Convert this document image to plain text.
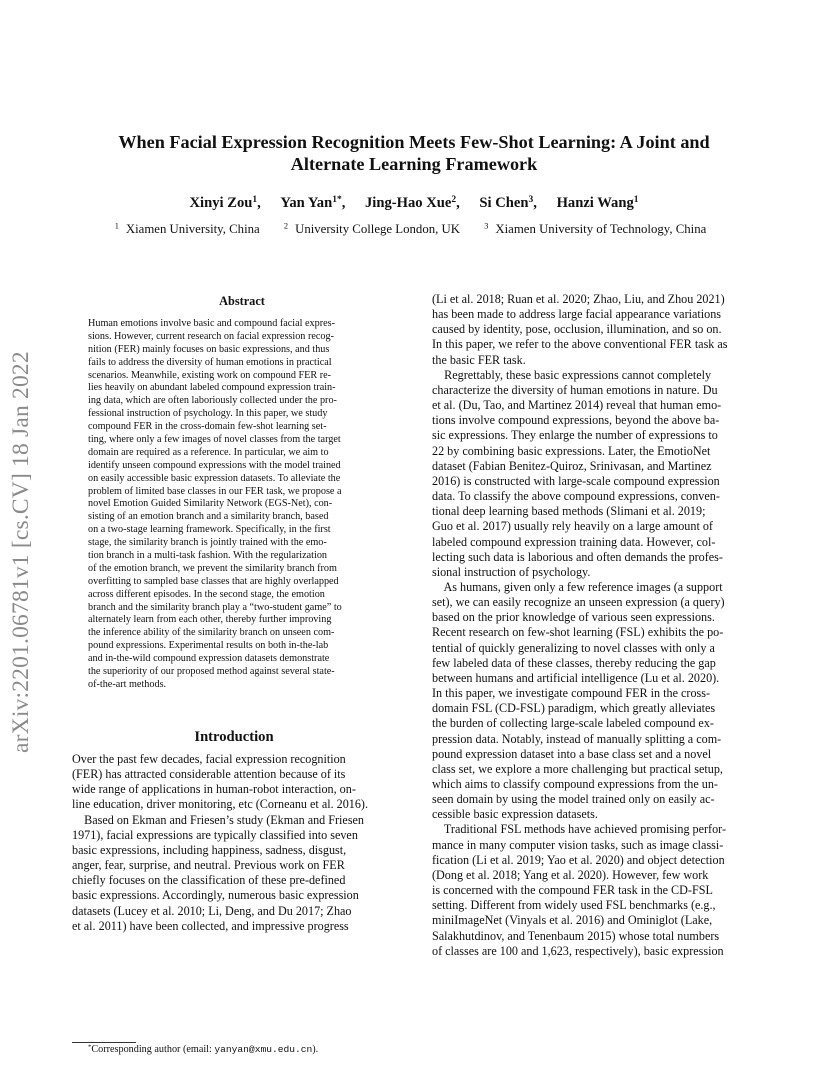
arXiv:2201.06781v1 [cs.CV] 18 Jan 2022
When Facial Expression Recognition Meets Few-Shot Learning: A Joint and
Alternate Learning Framework
Xinyi Zou$^1$, Yan Yan$^{1*}$, Jing-Hao Xue$^2$, Si Chen$^3$, Hanzi Wang$^1$
$^1$ Xiamen University, China	$^2$ University College London, UK	$^3$ Xiamen University of Technology, China
Abstract
Human emotions involve basic and compound facial expres-
sions. However, current research on facial expression recog-
nition (FER) mainly focuses on basic expressions, and thus
fails to address the diversity of human emotions in practical
scenarios. Meanwhile, existing work on compound FER re-
lies heavily on abundant labeled compound expression train-
ing data, which are often laboriously collected under the pro-
fessional instruction of psychology. In this paper, we study
compound FER in the cross-domain few-shot learning set-
ting, where only a few images of novel classes from the target
domain are required as a reference. In particular, we aim to
identify unseen compound expressions with the model trained
on easily accessible basic expression datasets. To alleviate the
problem of limited base classes in our FER task, we propose a
novel Emotion Guided Similarity Network (EGS-Net), con-
sisting of an emotion branch and a similarity branch, based
on a two-stage learning framework. Specifically, in the first
stage, the similarity branch is jointly trained with the emo-
tion branch in a multi-task fashion. With the regularization
of the emotion branch, we prevent the similarity branch from
overfitting to sampled base classes that are highly overlapped
across different episodes. In the second stage, the emotion
branch and the similarity branch play a “two-student game” to
alternately learn from each other, thereby further improving
the inference ability of the similarity branch on unseen com-
pound expressions. Experimental results on both in-the-lab
and in-the-wild compound expression datasets demonstrate
the superiority of our proposed method against several state-
of-the-art methods.
Introduction
Over the past few decades, facial expression recognition
(FER) has attracted considerable attention because of its
wide range of applications in human-robot interaction, on-
line education, driver monitoring, etc (Corneanu et al. 2016).
Based on Ekman and Friesen’s study (Ekman and Friesen
1971), facial expressions are typically classified into seven
basic expressions, including happiness, sadness, disgust,
anger, fear, surprise, and neutral. Previous work on FER
chiefly focuses on the classification of these pre-defined
basic expressions. Accordingly, numerous basic expression
datasets (Lucey et al. 2010; Li, Deng, and Du 2017; Zhao
et al. 2011) have been collected, and impressive progress
(Li et al. 2018; Ruan et al. 2020; Zhao, Liu, and Zhou 2021)
has been made to address large facial appearance variations
caused by identity, pose, occlusion, illumination, and so on.
In this paper, we refer to the above conventional FER task as
the basic FER task.
Regrettably, these basic expressions cannot completely
characterize the diversity of human emotions in nature. Du
et al. (Du, Tao, and Martinez 2014) reveal that human emo-
tions involve compound expressions, beyond the above ba-
sic expressions. They enlarge the number of expressions to
22 by combining basic expressions. Later, the EmotioNet
dataset (Fabian Benitez-Quiroz, Srinivasan, and Martinez
2016) is constructed with large-scale compound expression
data. To classify the above compound expressions, conven-
tional deep learning based methods (Slimani et al. 2019;
Guo et al. 2017) usually rely heavily on a large amount of
labeled compound expression training data. However, col-
lecting such data is laborious and often demands the profes-
sional instruction of psychology.
As humans, given only a few reference images (a support
set), we can easily recognize an unseen expression (a query)
based on the prior knowledge of various seen expressions.
Recent research on few-shot learning (FSL) exhibits the po-
tential of quickly generalizing to novel classes with only a
few labeled data of these classes, thereby reducing the gap
between humans and artificial intelligence (Lu et al. 2020).
In this paper, we investigate compound FER in the cross-
domain FSL (CD-FSL) paradigm, which greatly alleviates
the burden of collecting large-scale labeled compound ex-
pression data. Notably, instead of manually splitting a com-
pound expression dataset into a base class set and a novel
class set, we explore a more challenging but practical setup,
which aims to classify compound expressions from the un-
seen domain by using the model trained only on easily ac-
cessible basic expression datasets.
Traditional FSL methods have achieved promising perfor-
mance in many computer vision tasks, such as image classi-
fication (Li et al. 2019; Yao et al. 2020) and object detection
(Dong et al. 2018; Yang et al. 2020). However, few work
is concerned with the compound FER task in the CD-FSL
setting. Different from widely used FSL benchmarks (e.g.,
miniImageNet (Vinyals et al. 2016) and Ominiglot (Lake,
Salakhutdinov, and Tenenbaum 2015) whose total numbers
of classes are 100 and 1,623, respectively), basic expression
*Corresponding author (email: yanyan@xmu.edu.cn).
